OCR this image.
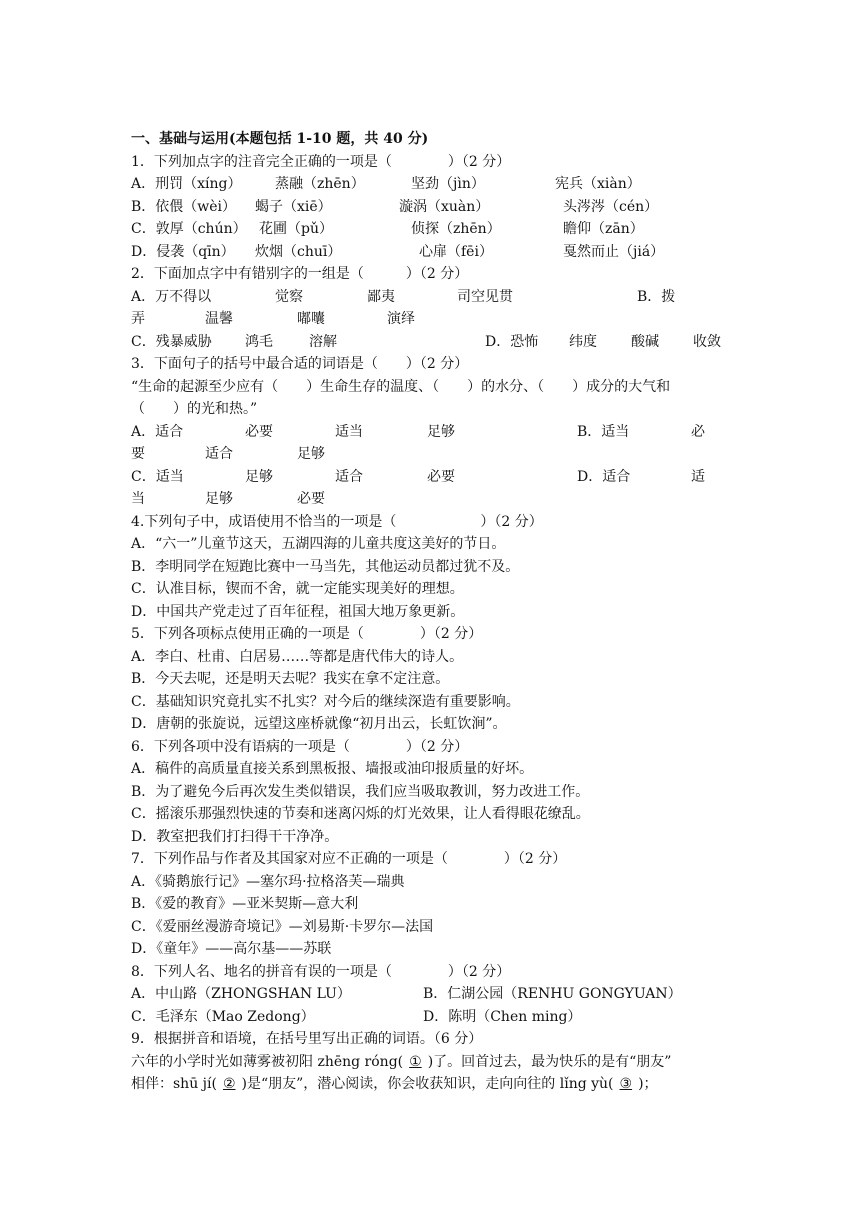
一、基础与运用(本题包括 1-10 题，共 40 分)
1．下列加点字的注音完全正确的一项是（　　　　）（2 分）
A．刑罚（xíng） 蒸融（zhēn）	坚劲（jìn）	宪兵（xiàn）
B．依偎（wèi） 蝎子（xiē）	漩涡（xuàn）	头涔涔（cén）
C．敦厚（chún） 花圃（pǔ）	侦探（zhēn）	瞻仰（zān）
D．侵袭（qīn） 炊烟（chuī）	心扉（fēi）	戛然而止（jiá）
2．下面加点字中有错别字的一组是（　　　）（2 分）
A．万不得以	觉察	鄙夷	司空见贯	B．拨
弄	温馨	嘟囔	演绎
C．残暴威胁 鸿毛	溶解	D．恐怖 纬度 酸碱 收敛
3．下面句子的括号中最合适的词语是（　　）（2 分）
“生命的起源至少应有（　　）生命生存的温度、（　　）的水分、（　　）成分的大气和
（　　）的光和热。”
A．适合	必要	适当	足够	B．适当	必
要	适合	足够
C．适当	足够	适合	必要	D．适合	适
当	足够	必要
4.下列句子中，成语使用不恰当的一项是（　　　　　　）（2 分）
A．“六一”儿童节这天，五湖四海的儿童共度这美好的节日。
B．李明同学在短跑比赛中一马当先，其他运动员都过犹不及。
C．认准目标，锲而不舍，就一定能实现美好的理想。
D．中国共产党走过了百年征程，祖国大地万象更新。
5．下列各项标点使用正确的一项是（　　　　）（2 分）
A．李白、杜甫、白居易……等都是唐代伟大的诗人。
B．今天去呢，还是明天去呢？我实在拿不定注意。
C．基础知识究竟扎实不扎实？对今后的继续深造有重要影响。
D．唐朝的张旋说，远望这座桥就像“初月出云，长虹饮涧”。
6．下列各项中没有语病的一项是（　　　　）（2 分）
A．稿件的高质量直接关系到黑板报、墙报或油印报质量的好坏。
B．为了避免今后再次发生类似错误，我们应当吸取教训，努力改进工作。
C．摇滚乐那强烈快速的节奏和迷离闪烁的灯光效果，让人看得眼花缭乱。
D．教室把我们打扫得干干净净。
7．下列作品与作者及其国家对应不正确的一项是（　　　　）（2 分）
A．《骑鹅旅行记》—塞尔玛·拉格洛芙—瑞典
B．《爱的教育》—亚米契斯—意大利
C．《爱丽丝漫游奇境记》—刘易斯·卡罗尔—法国
D．《童年》——高尔基——苏联
8．下列人名、地名的拼音有误的一项是（　　　　）（2 分）
A．中山路（ZHONGSHAN LU）	B．仁湖公园（RENHU GONGYUAN）
C．毛泽东（Mao Zedong）	D．陈明（Chen ming）
9．根据拼音和语境，在括号里写出正确的词语。（6 分）
六年的小学时光如薄雾被初阳 zhēng róng( ① )了。回首过去，最为快乐的是有“朋友”
相伴：shū jí( ② )是“朋友”，潜心阅读，你会收获知识，走向向往的 lǐng yù( ③ )；
